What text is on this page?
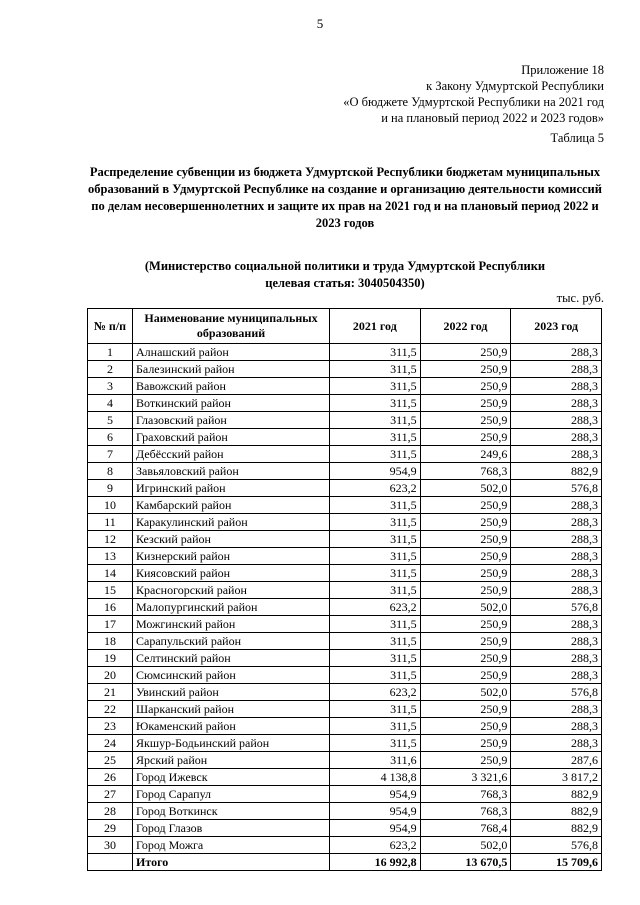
5
Приложение 18
к Закону Удмуртской Республики
«О бюджете Удмуртской Республики на 2021 год
и на плановый период 2022 и 2023 годов»
Таблица 5
Распределение субвенции из бюджета Удмуртской Республики бюджетам муниципальных образований в Удмуртской Республике на создание и организацию деятельности комиссий по делам несовершеннолетних и защите их прав на 2021 год и на плановый период 2022 и 2023 годов
(Министерство социальной политики и труда Удмуртской Республики
целевая статья: 3040504350)
тыс. руб.
№ п/п	Наименование муниципальных образований	2021 год	2022 год	2023 год
1	Алнашский район	311,5	250,9	288,3
2	Балезинский район	311,5	250,9	288,3
3	Вавожский район	311,5	250,9	288,3
4	Воткинский район	311,5	250,9	288,3
5	Глазовский район	311,5	250,9	288,3
6	Граховский район	311,5	250,9	288,3
7	Дебёсский район	311,5	249,6	288,3
8	Завьяловский район	954,9	768,3	882,9
9	Игринский район	623,2	502,0	576,8
10	Камбарский район	311,5	250,9	288,3
11	Каракулинский район	311,5	250,9	288,3
12	Кезский район	311,5	250,9	288,3
13	Кизнерский район	311,5	250,9	288,3
14	Киясовский район	311,5	250,9	288,3
15	Красногорский район	311,5	250,9	288,3
16	Малопургинский район	623,2	502,0	576,8
17	Можгинский район	311,5	250,9	288,3
18	Сарапульский район	311,5	250,9	288,3
19	Селтинский район	311,5	250,9	288,3
20	Сюмсинский район	311,5	250,9	288,3
21	Увинский район	623,2	502,0	576,8
22	Шарканский район	311,5	250,9	288,3
23	Юкаменский район	311,5	250,9	288,3
24	Якшур-Бодьинский район	311,5	250,9	288,3
25	Ярский район	311,6	250,9	287,6
26	Город Ижевск	4 138,8	3 321,6	3 817,2
27	Город Сарапул	954,9	768,3	882,9
28	Город Воткинск	954,9	768,3	882,9
29	Город Глазов	954,9	768,4	882,9
30	Город Можга	623,2	502,0	576,8
	Итого	16 992,8	13 670,5	15 709,6
